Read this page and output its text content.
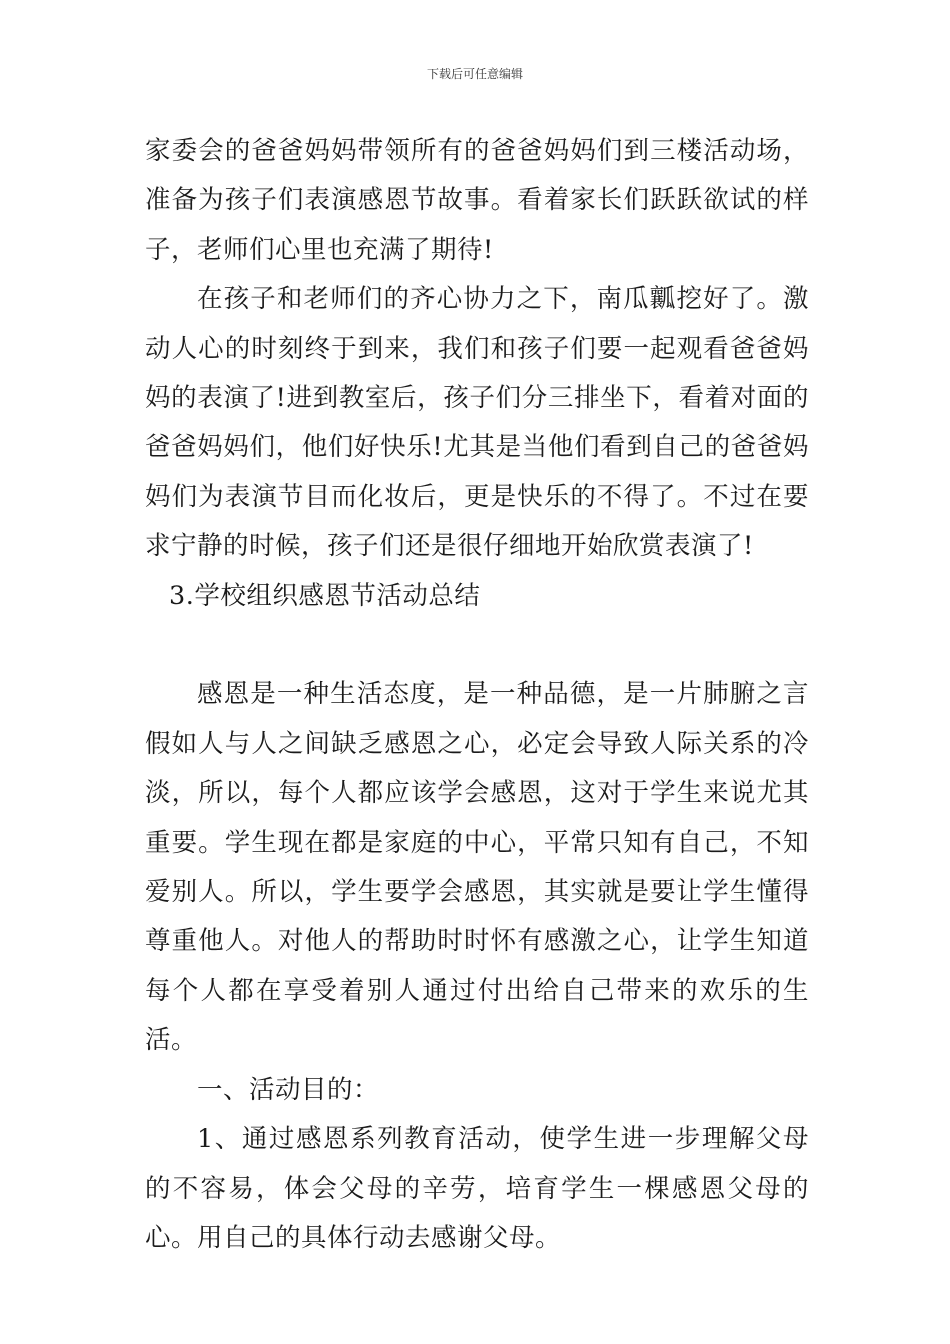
下载后可任意编辑

家委会的爸爸妈妈带领所有的爸爸妈妈们到三楼活动场，准备为孩子们表演感恩节故事。看着家长们跃跃欲试的样子，老师们心里也充满了期待!

在孩子和老师们的齐心协力之下，南瓜瓤挖好了。激动人心的时刻终于到来，我们和孩子们要一起观看爸爸妈妈的表演了!进到教室后，孩子们分三排坐下，看着对面的爸爸妈妈们，他们好快乐!尤其是当他们看到自己的爸爸妈妈们为表演节目而化妆后，更是快乐的不得了。不过在要求宁静的时候，孩子们还是很仔细地开始欣赏表演了!

3.学校组织感恩节活动总结

感恩是一种生活态度，是一种品德，是一片肺腑之言假如人与人之间缺乏感恩之心，必定会导致人际关系的冷淡，所以，每个人都应该学会感恩，这对于学生来说尤其重要。学生现在都是家庭的中心，平常只知有自己，不知爱别人。所以，学生要学会感恩，其实就是要让学生懂得尊重他人。对他人的帮助时时怀有感激之心，让学生知道每个人都在享受着别人通过付出给自己带来的欢乐的生活。

一、活动目的：

1、通过感恩系列教育活动，使学生进一步理解父母的不容易，体会父母的辛劳，培育学生一棵感恩父母的心。用自己的具体行动去感谢父母。
